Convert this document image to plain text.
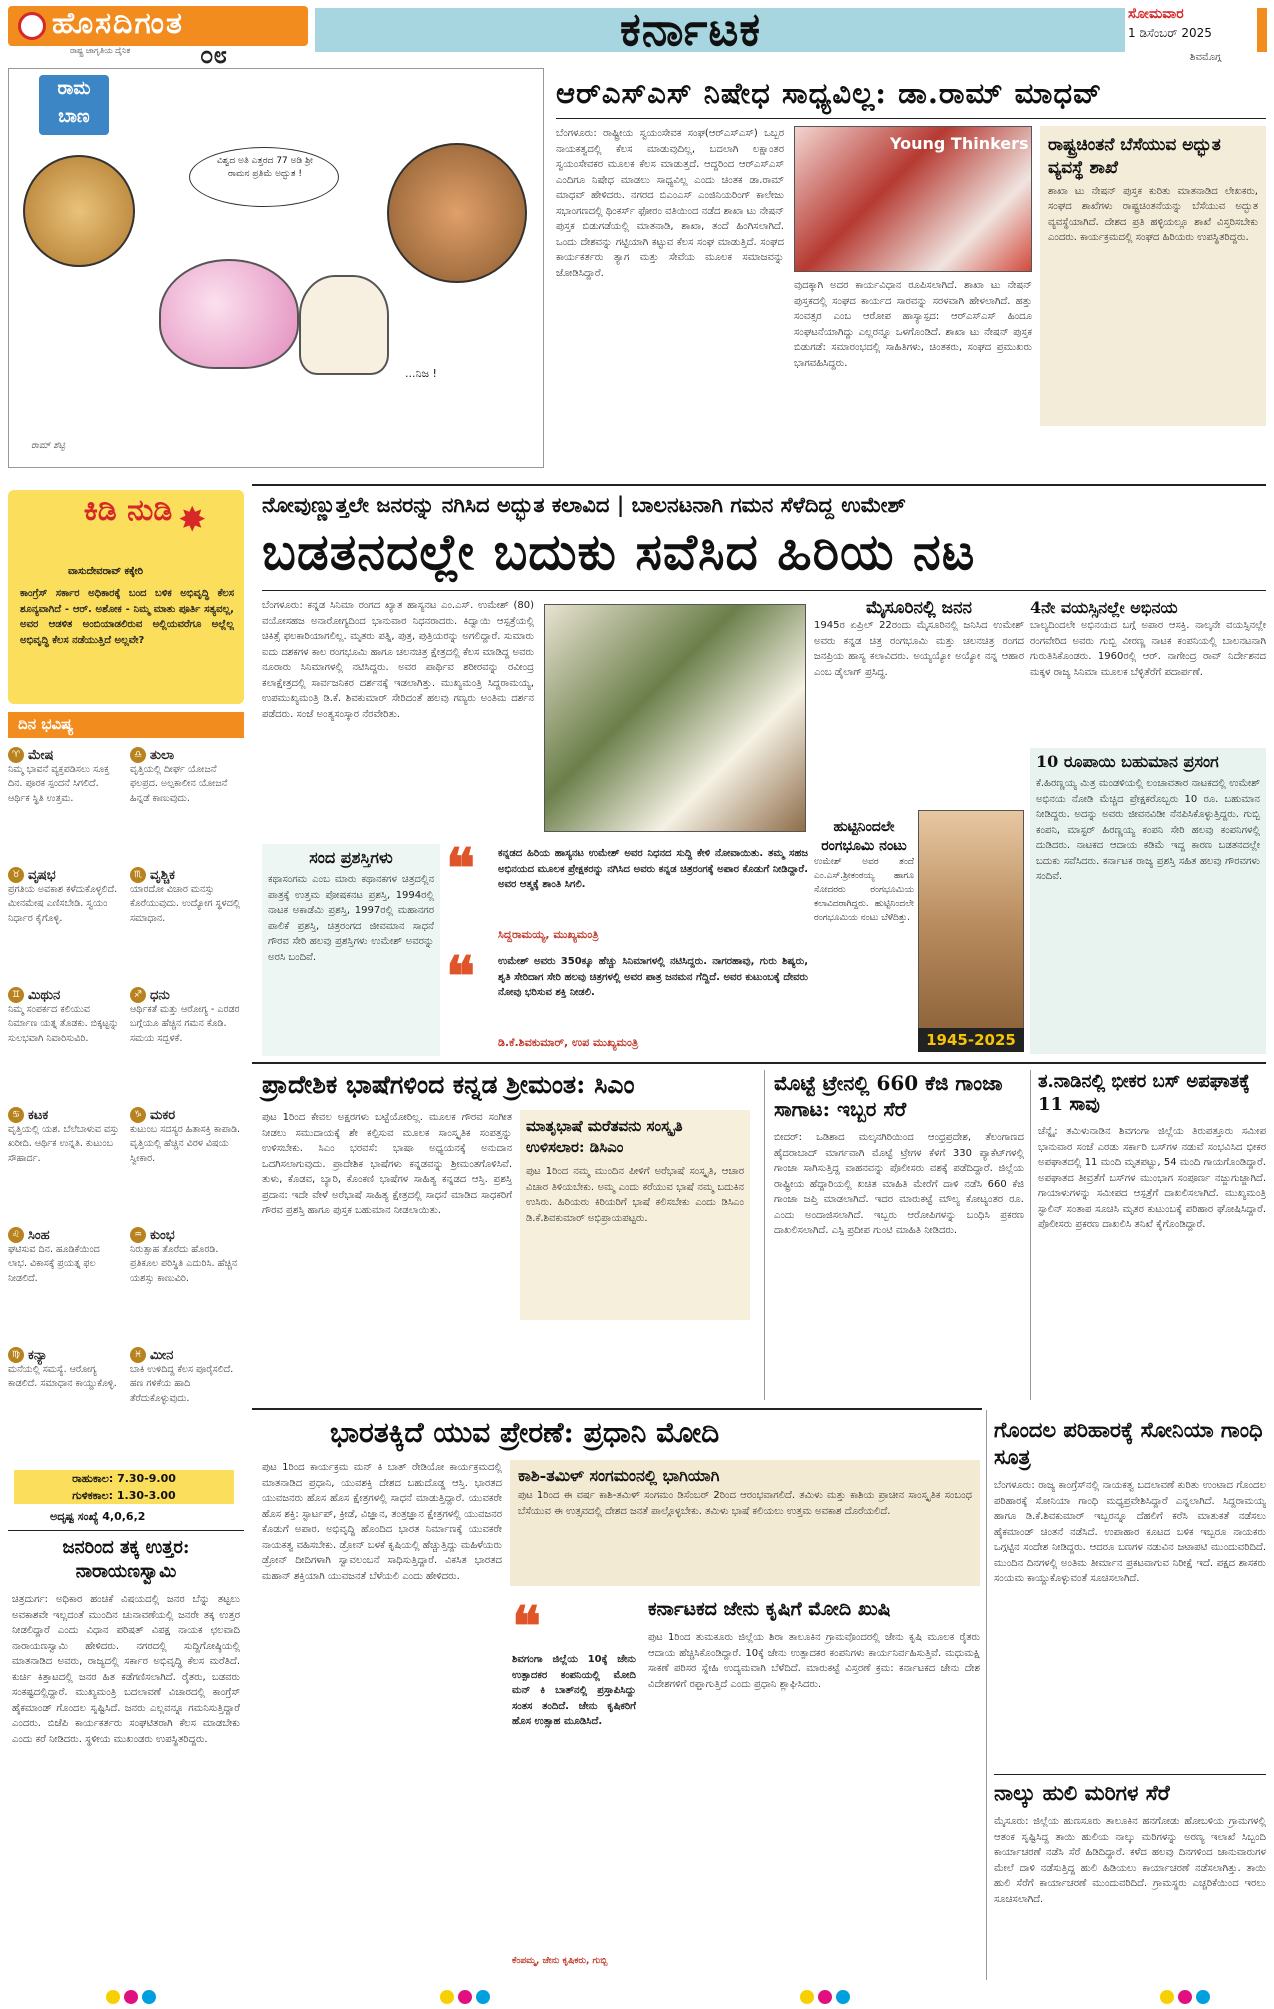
ಹೊಸದಿಗಂತ
ರಾಷ್ಟ್ರ ಜಾಗೃತಿಯ ದೈನಿಕ	೦೮	ಕರ್ನಾಟಕ	ಸೋಮವಾರ
1 ಡಿಸೆಂಬರ್ 2025
ಶಿವಮೊಗ್ಗ
ರಾಮ
ಬಾಣ
ವಿಶ್ವದ ಅತಿ ಎತ್ತರದ 77 ಅಡಿ ಶ್ರೀ ರಾಮನ ಪ್ರತಿಮೆ ಅದ್ಭುತ !
...ನಿಜ !
ರಾಮ್ ಶೆಟ್ಟಿ
ಆರ್‌ಎಸ್‌ಎಸ್ ನಿಷೇಧ ಸಾಧ್ಯವಿಲ್ಲ: ಡಾ.ರಾಮ್ ಮಾಧವ್
ಬೆಂಗಳೂರು: ರಾಷ್ಟ್ರೀಯ ಸ್ವಯಂಸೇವಕ ಸಂಘ(ಆರ್‌ಎಸ್‌ಎಸ್) ಒಬ್ಬರ ನಾಯಕತ್ವದಲ್ಲಿ ಕೆಲಸ ಮಾಡುವುದಿಲ್ಲ, ಬದಲಾಗಿ ಲಕ್ಷಾಂತರ ಸ್ವಯಂಸೇವಕರ ಮೂಲಕ ಕೆಲಸ ಮಾಡುತ್ತದೆ. ಆದ್ದರಿಂದ ಆರ್‌ಎಸ್‌ಎಸ್ ಎಂದಿಗೂ ನಿಷೇಧ ಮಾಡಲು ಸಾಧ್ಯವಿಲ್ಲ ಎಂದು ಚಿಂತಕ ಡಾ.ರಾಮ್ ಮಾಧವ್ ಹೇಳಿದರು. ನಗರದ ಬಿಎಂಎಸ್ ಎಂಜಿನಿಯರಿಂಗ್ ಕಾಲೇಜು ಸಭಾಂಗಣದಲ್ಲಿ ಥಿಂಕರ್ಸ್ ಫೋರಂ ವತಿಯಿಂದ ನಡೆದ ಶಾಖಾ ಟು ನೇಷನ್ ಪುಸ್ತಕ ಬಿಡುಗಡೆಯಲ್ಲಿ ಮಾತನಾಡಿ, ಶಾಖಾ, ತಂದೆ ಹಿಂಗಿಸಲಾಗಿದೆ. ಒಂದು ದೇಶವನ್ನು ಗಟ್ಟಿಯಾಗಿ ಕಟ್ಟುವ ಕೆಲಸ ಸಂಘ ಮಾಡುತ್ತಿದೆ. ಸಂಘದ ಕಾರ್ಯಕರ್ತರು ತ್ಯಾಗ ಮತ್ತು ಸೇವೆಯ ಮೂಲಕ ಸಮಾಜವನ್ನು ಜೋಡಿಸಿದ್ದಾರೆ.
Young Thinkers
ವುದಕ್ಕಾಗಿ ಅದರ ಕಾರ್ಯವಿಧಾನ ರೂಪಿಸಲಾಗಿದೆ. ಶಾಖಾ ಟು ನೇಷನ್ ಪುಸ್ತಕದಲ್ಲಿ ಸಂಘದ ಕಾರ್ಯದ ಸಾರವನ್ನು ಸರಳವಾಗಿ ಹೇಳಲಾಗಿದೆ. ಹತ್ತು ಸಂವತ್ಸರ ಎಂಬ ಆರೋಪ ಹಾಸ್ಯಾಸ್ಪದ: ಆರ್‌ಎಸ್‌ಎಸ್ ಹಿಂದೂ ಸಂಘಟನೆಯಾಗಿದ್ದು ಎಲ್ಲರನ್ನೂ ಒಳಗೊಂಡಿದೆ. ಶಾಖಾ ಟು ನೇಷನ್ ಪುಸ್ತಕ ಬಿಡುಗಡೆ: ಸಮಾರಂಭದಲ್ಲಿ ಸಾಹಿತಿಗಳು, ಚಿಂತಕರು, ಸಂಘದ ಪ್ರಮುಖರು ಭಾಗವಹಿಸಿದ್ದರು.
ರಾಷ್ಟ್ರಚಿಂತನೆ ಬೆಸೆಯುವ ಅದ್ಭುತ ವ್ಯವಸ್ಥೆ ಶಾಖೆ
ಶಾಖಾ ಟು ನೇಷನ್ ಪುಸ್ತಕ ಕುರಿತು ಮಾತನಾಡಿದ ಲೇಖಕರು, ಸಂಘದ ಶಾಖೆಗಳು ರಾಷ್ಟ್ರಚಿಂತನೆಯನ್ನು ಬೆಸೆಯುವ ಅದ್ಭುತ ವ್ಯವಸ್ಥೆಯಾಗಿದೆ. ದೇಶದ ಪ್ರತಿ ಹಳ್ಳಿಯಲ್ಲೂ ಶಾಖೆ ವಿಸ್ತರಿಸಬೇಕು ಎಂದರು. ಕಾರ್ಯಕ್ರಮದಲ್ಲಿ ಸಂಘದ ಹಿರಿಯರು ಉಪಸ್ಥಿತರಿದ್ದರು.
ಕಿಡಿ ನುಡಿ ✸
ವಾಸುದೇವರಾವ್ ಕಕ್ಕೇರಿ
ಕಾಂಗ್ರೆಸ್ ಸರ್ಕಾರ ಅಧಿಕಾರಕ್ಕೆ ಬಂದ ಬಳಿಕ ಅಭಿವೃದ್ಧಿ ಕೆಲಸ ಶೂನ್ಯವಾಗಿದೆ - ಆರ್. ಅಶೋಕ - ನಿಮ್ಮ ಮಾತು ಪೂರ್ತಿ ಸತ್ಯವಲ್ಲ, ಅವರ ಆಡಳಿತ ಅಂಬಿಯಾಡಲಿರುವ ಅಲ್ಲಿಯವರೆಗೂ ಅಲ್ಲೆಲ್ಲ ಅಭಿವೃದ್ಧಿ ಕೆಲಸ ನಡೆಯುತ್ತಿದೆ ಅಲ್ಲವೇ?
ದಿನ ಭವಿಷ್ಯ
♈ ಮೇಷ
ನಿಮ್ಮ ಭಾವನೆ ವ್ಯಕ್ತಪಡಿಸಲು ಸೂಕ್ತ ದಿನ. ಪೂರಕ ಸ್ಪಂದನೆ ಸಿಗಲಿದೆ. ಆರ್ಥಿಕ ಸ್ಥಿತಿ ಉತ್ತಮ.
♎ ತುಲಾ
ವೃತ್ತಿಯಲ್ಲಿ ದೀರ್ಘ ಯೋಜನೆ ಫಲಪ್ರದ. ಅಲ್ಪಕಾಲೀನ ಯೋಜನೆ ಹಿನ್ನಡೆ ಕಾಣುವುದು.
♉ ವೃಷಭ
ಪ್ರಗತಿಯ ಅವಕಾಶ ಕಳೆದುಕೊಳ್ಳಲಿದೆ. ಮೀನಮೇಷ ಎಣಿಸಬೇಡಿ. ಸ್ವಯಂ ನಿರ್ಧಾರ ಕೈಗೊಳ್ಳಿ.
♏ ವೃಶ್ಚಿಕ
ಯಾರದೋ ವಿಚಾರ ಮನಸ್ಸು ಕೊರೆಯುವುದು. ಉದ್ಯೋಗ ಸ್ಥಳದಲ್ಲಿ ಸಮಾಧಾನ.
♊ ಮಿಥುನ
ನಿಮ್ಮ ಸಂಪರ್ಕದ ಕಲಿಯುವ ನಿರ್ಮಾಣ ಯತ್ನ ತೊಡಕು. ಬಿಕ್ಕಟ್ಟನ್ನು ಸುಲಭವಾಗಿ ನಿವಾರಿಸುವಿರಿ.
♐ ಧನು
ಆರ್ಥಿಕತೆ ಮತ್ತು ಆರೋಗ್ಯ - ಎರಡರ ಬಗ್ಗೆಯೂ ಹೆಚ್ಚಿನ ಗಮನ ಕೊಡಿ. ಸಮಯ ಸದ್ಬಳಕೆ.
♋ ಕಟಕ
ವೃತ್ತಿಯಲ್ಲಿ ಯಶ. ಬೆಲೆಬಾಳುವ ವಸ್ತು ಖರೀದಿ. ಆರ್ಥಿಕ ಉನ್ನತಿ. ಕುಟುಂಬ ಸೌಹಾರ್ದ.
♑ ಮಕರ
ಕುಟುಂಬ ಸದಸ್ಯರ ಹಿತಾಸಕ್ತಿ ಕಾಪಾಡಿ. ವೃತ್ತಿಯಲ್ಲಿ ಹೆಚ್ಚಿನ ವಿರಳ ವಿಷಯ ಸ್ವೀಕಾರ.
♌ ಸಿಂಹ
ಘಟಿಸುವ ದಿನ. ಹೂಡಿಕೆಯಿಂದ ಲಾಭ. ವಿಕಾಸಕ್ಕೆ ಪ್ರಯತ್ನ ಫಲ ನೀಡಲಿದೆ.
♒ ಕುಂಭ
ನಿರುತ್ಸಾಹ ತೊರೆದು ಹೊರಡಿ. ಪ್ರತಿಕೂಲ ಪರಿಸ್ಥಿತಿ ಎದುರಿಸಿ. ಹೆಚ್ಚಿನ ಯಶಸ್ಸು ಕಾಣುವಿರಿ.
♍ ಕನ್ಯಾ
ಮನೆಯಲ್ಲಿ ಸಮಸ್ಯೆ. ಆರೋಗ್ಯ ಕಾಡಲಿದೆ. ಸಮಾಧಾನ ಕಾಯ್ದುಕೊಳ್ಳಿ.
♓ ಮೀನ
ಬಾಕಿ ಉಳಿದಿದ್ದ ಕೆಲಸ ಪೂರೈಸಲಿದೆ. ಹಣ ಗಳಿಕೆಯ ಹಾದಿ ತೆರೆದುಕೊಳ್ಳುವುದು.
ರಾಹುಕಾಲ: 7.30-9.00
ಗುಳಿಕಕಾಲ: 1.30-3.00
ಅದೃಷ್ಟ ಸಂಖ್ಯೆ 4,0,6,2
ಜನರಿಂದ ತಕ್ಕ ಉತ್ತರ: ನಾರಾಯಣಸ್ವಾಮಿ
ಚಿತ್ರದುರ್ಗ: ಅಧಿಕಾರ ಹಂಚಿಕೆ ವಿಷಯದಲ್ಲಿ ಜನರ ಬೆನ್ನು ತಟ್ಟಲು ಅವಕಾಶವೇ ಇಲ್ಲದಂತೆ ಮುಂದಿನ ಚುನಾವಣೆಯಲ್ಲಿ ಜನರೇ ತಕ್ಕ ಉತ್ತರ ನೀಡಲಿದ್ದಾರೆ ಎಂದು ವಿಧಾನ ಪರಿಷತ್ ವಿಪಕ್ಷ ನಾಯಕ ಛಲವಾದಿ ನಾರಾಯಣಸ್ವಾಮಿ ಹೇಳಿದರು. ನಗರದಲ್ಲಿ ಸುದ್ದಿಗೋಷ್ಠಿಯಲ್ಲಿ ಮಾತನಾಡಿದ ಅವರು, ರಾಜ್ಯದಲ್ಲಿ ಸರ್ಕಾರ ಅಭಿವೃದ್ಧಿ ಕೆಲಸ ಮರೆತಿದೆ. ಕುರ್ಚಿ ಕಿತ್ತಾಟದಲ್ಲಿ ಜನರ ಹಿತ ಕಡೆಗಣಿಸಲಾಗಿದೆ. ರೈತರು, ಬಡವರು ಸಂಕಷ್ಟದಲ್ಲಿದ್ದಾರೆ. ಮುಖ್ಯಮಂತ್ರಿ ಬದಲಾವಣೆ ವಿಚಾರದಲ್ಲಿ ಕಾಂಗ್ರೆಸ್ ಹೈಕಮಾಂಡ್ ಗೊಂದಲ ಸೃಷ್ಟಿಸಿದೆ. ಜನರು ಎಲ್ಲವನ್ನೂ ಗಮನಿಸುತ್ತಿದ್ದಾರೆ ಎಂದರು. ಬಿಜೆಪಿ ಕಾರ್ಯಕರ್ತರು ಸಂಘಟಿತರಾಗಿ ಕೆಲಸ ಮಾಡಬೇಕು ಎಂದು ಕರೆ ನೀಡಿದರು. ಸ್ಥಳೀಯ ಮುಖಂಡರು ಉಪಸ್ಥಿತರಿದ್ದರು.
ನೋವುಣ್ಣುತ್ತಲೇ ಜನರನ್ನು ನಗಿಸಿದ ಅದ್ಭುತ ಕಲಾವಿದ | ಬಾಲನಟನಾಗಿ ಗಮನ ಸೆಳೆದಿದ್ದ ಉಮೇಶ್
ಬಡತನದಲ್ಲೇ ಬದುಕು ಸವೆಸಿದ ಹಿರಿಯ ನಟ
ಬೆಂಗಳೂರು: ಕನ್ನಡ ಸಿನಿಮಾ ರಂಗದ ಖ್ಯಾತ ಹಾಸ್ಯನಟ ಎಂ.ಎಸ್. ಉಮೇಶ್ (80) ವಯೋಸಹಜ ಅನಾರೋಗ್ಯದಿಂದ ಭಾನುವಾರ ನಿಧನರಾದರು. ಕಿದ್ವಾಯಿ ಆಸ್ಪತ್ರೆಯಲ್ಲಿ ಚಿಕಿತ್ಸೆ ಫಲಕಾರಿಯಾಗಲಿಲ್ಲ. ಮೃತರು ಪತ್ನಿ, ಪುತ್ರ, ಪುತ್ರಿಯರನ್ನು ಅಗಲಿದ್ದಾರೆ. ಸುಮಾರು ಐದು ದಶಕಗಳ ಕಾಲ ರಂಗಭೂಮಿ ಹಾಗೂ ಚಲನಚಿತ್ರ ಕ್ಷೇತ್ರದಲ್ಲಿ ಕೆಲಸ ಮಾಡಿದ್ದ ಅವರು ನೂರಾರು ಸಿನಿಮಾಗಳಲ್ಲಿ ನಟಿಸಿದ್ದರು. ಅವರ ಪಾರ್ಥಿವ ಶರೀರವನ್ನು ರವೀಂದ್ರ ಕಲಾಕ್ಷೇತ್ರದಲ್ಲಿ ಸಾರ್ವಜನಿಕರ ದರ್ಶನಕ್ಕೆ ಇಡಲಾಗಿತ್ತು. ಮುಖ್ಯಮಂತ್ರಿ ಸಿದ್ದರಾಮಯ್ಯ, ಉಪಮುಖ್ಯಮಂತ್ರಿ ಡಿ.ಕೆ. ಶಿವಕುಮಾರ್ ಸೇರಿದಂತೆ ಹಲವು ಗಣ್ಯರು ಅಂತಿಮ ದರ್ಶನ ಪಡೆದರು. ಸಂಜೆ ಅಂತ್ಯಸಂಸ್ಕಾರ ನೆರವೇರಿತು.
ಮೈಸೂರಿನಲ್ಲಿ ಜನನ
1945ರ ಏಪ್ರಿಲ್ 22ರಂದು ಮೈಸೂರಿನಲ್ಲಿ ಜನಿಸಿದ ಉಮೇಶ್ ಅವರು ಕನ್ನಡ ಚಿತ್ರ ರಂಗಭೂಮಿ ಮತ್ತು ಚಲನಚಿತ್ರ ರಂಗದ ಜನಪ್ರಿಯ ಹಾಸ್ಯ ಕಲಾವಿದರು. ಅಯ್ಯಯ್ಯೋ ಅಯ್ಯೋ ನನ್ನ ಆಹಾರ ಎಂಬ ಡೈಲಾಗ್ ಪ್ರಸಿದ್ಧ.
4ನೇ ವಯಸ್ಸಿನಲ್ಲೇ ಅಭಿನಯ
ಬಾಲ್ಯದಿಂದಲೇ ಅಭಿನಯದ ಬಗ್ಗೆ ಅಪಾರ ಆಸಕ್ತಿ. ನಾಲ್ಕನೇ ವಯಸ್ಸಿನಲ್ಲೇ ರಂಗವೇರಿದ ಅವರು ಗುಬ್ಬಿ ವೀರಣ್ಣ ನಾಟಕ ಕಂಪನಿಯಲ್ಲಿ ಬಾಲನಟನಾಗಿ ಗುರುತಿಸಿಕೊಂಡರು. 1960ರಲ್ಲಿ ಆರ್. ನಾಗೇಂದ್ರ ರಾವ್ ನಿರ್ದೇಶನದ ಮಕ್ಕಳ ರಾಜ್ಯ ಸಿನಿಮಾ ಮೂಲಕ ಬೆಳ್ಳಿತೆರೆಗೆ ಪದಾರ್ಪಣೆ.
10 ರೂಪಾಯಿ ಬಹುಮಾನ ಪ್ರಸಂಗ
ಕೆ.ಹಿರಣ್ಣಯ್ಯ ಮಿತ್ರ ಮಂಡಳಿಯಲ್ಲಿ ಲಂಚಾವತಾರ ನಾಟಕದಲ್ಲಿ ಉಮೇಶ್ ಅಭಿನಯ ನೋಡಿ ಮೆಚ್ಚಿದ ಪ್ರೇಕ್ಷಕರೊಬ್ಬರು 10 ರೂ. ಬಹುಮಾನ ನೀಡಿದ್ದರು. ಅದನ್ನು ಅವರು ಜೀವನವಿಡೀ ನೆನಪಿಸಿಕೊಳ್ಳುತ್ತಿದ್ದರು. ಗುಬ್ಬಿ ಕಂಪನಿ, ಮಾಸ್ಟರ್ ಹಿರಣ್ಣಯ್ಯ ಕಂಪನಿ ಸೇರಿ ಹಲವು ಕಂಪನಿಗಳಲ್ಲಿ ದುಡಿದರು. ನಾಟಕದ ಆದಾಯ ಕಡಿಮೆ ಇದ್ದ ಕಾರಣ ಬಡತನದಲ್ಲೇ ಬದುಕು ಸವೆಸಿದರು. ಕರ್ನಾಟಕ ರಾಜ್ಯ ಪ್ರಶಸ್ತಿ ಸಹಿತ ಹಲವು ಗೌರವಗಳು ಸಂದಿವೆ.
ಸಂದ ಪ್ರಶಸ್ತಿಗಳು
ಕಥಾಸಂಗಮ ಎಂಬ ಮಾರು ಕಥಾನಕಗಳ ಚಿತ್ರದಲ್ಲಿನ ಪಾತ್ರಕ್ಕೆ ಉತ್ತಮ ಪೋಷಕನಟ ಪ್ರಶಸ್ತಿ, 1994ರಲ್ಲಿ ನಾಟಕ ಅಕಾಡೆಮಿ ಪ್ರಶಸ್ತಿ, 1997ರಲ್ಲಿ ಮಹಾನಗರ ಪಾಲಿಕೆ ಪ್ರಶಸ್ತಿ, ಚಿತ್ರರಂಗದ ಜೀವಮಾನ ಸಾಧನೆ ಗೌರವ ಸೇರಿ ಹಲವು ಪ್ರಶಸ್ತಿಗಳು ಉಮೇಶ್ ಅವರನ್ನು ಅರಸಿ ಬಂದಿವೆ.
❝ ಕನ್ನಡದ ಹಿರಿಯ ಹಾಸ್ಯನಟ ಉಮೇಶ್ ಅವರ ನಿಧನದ ಸುದ್ದಿ ಕೇಳಿ ನೋವಾಯಿತು. ತಮ್ಮ ಸಹಜ ಅಭಿನಯದ ಮೂಲಕ ಪ್ರೇಕ್ಷಕರನ್ನು ನಗಿಸಿದ ಅವರು ಕನ್ನಡ ಚಿತ್ರರಂಗಕ್ಕೆ ಅಪಾರ ಕೊಡುಗೆ ನೀಡಿದ್ದಾರೆ. ಅವರ ಆತ್ಮಕ್ಕೆ ಶಾಂತಿ ಸಿಗಲಿ.
ಸಿದ್ದರಾಮಯ್ಯ, ಮುಖ್ಯಮಂತ್ರಿ
❝ ಉಮೇಶ್ ಅವರು 350ಕ್ಕೂ ಹೆಚ್ಚು ಸಿನಿಮಾಗಳಲ್ಲಿ ನಟಿಸಿದ್ದರು. ನಾಗರಹಾವು, ಗುರು ಶಿಷ್ಯರು, ಶೃತಿ ಸೇರಿದಾಗ ಸೇರಿ ಹಲವು ಚಿತ್ರಗಳಲ್ಲಿ ಅವರ ಪಾತ್ರ ಜನಮನ ಗೆದ್ದಿದೆ. ಅವರ ಕುಟುಂಬಕ್ಕೆ ದೇವರು ನೋವು ಭರಿಸುವ ಶಕ್ತಿ ನೀಡಲಿ.
ಡಿ.ಕೆ.ಶಿವಕುಮಾರ್, ಉಪ ಮುಖ್ಯಮಂತ್ರಿ
ಹುಟ್ಟಿನಿಂದಲೇ ರಂಗಭೂಮಿ ನಂಟು
ಉಮೇಶ್ ಅವರ ತಂದೆ ಎಂ.ಎಸ್.ಶ್ರೀಕಂಠಯ್ಯ ಹಾಗೂ ಸೋದರರು ರಂಗಭೂಮಿಯ ಕಲಾವಿದರಾಗಿದ್ದರು. ಹುಟ್ಟಿನಿಂದಲೇ ರಂಗಭೂಮಿಯ ನಂಟು ಬೆಳೆದಿತ್ತು.
1945-2025
ಪ್ರಾದೇಶಿಕ ಭಾಷೆಗಳಿಂದ ಕನ್ನಡ ಶ್ರೀಮಂತ: ಸಿಎಂ
ಪುಟ 1ರಿಂದ ಕೇವಲ ಅಕ್ಷರಗಳು ಬಟ್ಟೆಯೋರಿಲ್ಲ. ಮೂಲಕ ಗೌರವ ಸಂಗೀತ ನೀಡಲು ಸಮುದಾಯಕ್ಕೆ ಶೇ ಕಲ್ಪಿಸುವ ಮೂಲಕ ಸಾಂಸ್ಕೃತಿಕ ಸಂಪತ್ತನ್ನು ಉಳಿಸಬೇಕು. ಸಿಎಂ ಭರವಸೆ: ಭಾಷಾ ಅಧ್ಯಯನಕ್ಕೆ ಅನುದಾನ ಒದಗಿಸಲಾಗುವುದು. ಪ್ರಾದೇಶಿಕ ಭಾಷೆಗಳು ಕನ್ನಡವನ್ನು ಶ್ರೀಮಂತಗೊಳಿಸಿವೆ. ತುಳು, ಕೊಡವ, ಬ್ಯಾರಿ, ಕೊಂಕಣಿ ಭಾಷೆಗಳ ಸಾಹಿತ್ಯ ಕನ್ನಡದ ಆಸ್ತಿ. ಪ್ರಶಸ್ತಿ ಪ್ರದಾನ: ಇದೇ ವೇಳೆ ಅರೆಭಾಷೆ ಸಾಹಿತ್ಯ ಕ್ಷೇತ್ರದಲ್ಲಿ ಸಾಧನೆ ಮಾಡಿದ ಸಾಧಕರಿಗೆ ಗೌರವ ಪ್ರಶಸ್ತಿ ಹಾಗೂ ಪುಸ್ತಕ ಬಹುಮಾನ ನೀಡಲಾಯಿತು.
ಮಾತೃಭಾಷೆ ಮರೆತವನು ಸಂಸ್ಕೃತಿ ಉಳಿಸಲಾರ: ಡಿಸಿಎಂ
ಪುಟ 1ರಿಂದ ನಮ್ಮ ಮುಂದಿನ ಪೀಳಿಗೆ ಅರೆಭಾಷೆ ಸಂಸ್ಕೃತಿ, ಆಚಾರ ವಿಚಾರ ತಿಳಿಯಬೇಕು. ಅಮ್ಮ ಎಂದು ಕರೆಯುವ ಭಾಷೆ ನಮ್ಮ ಬದುಕಿನ ಉಸಿರು. ಹಿರಿಯರು ಕಿರಿಯರಿಗೆ ಭಾಷೆ ಕಲಿಸಬೇಕು ಎಂದು ಡಿಸಿಎಂ ಡಿ.ಕೆ.ಶಿವಕುಮಾರ್ ಅಭಿಪ್ರಾಯಪಟ್ಟರು.
ಮೊಟ್ಟೆ ಟ್ರೇನಲ್ಲಿ 660 ಕೆಜಿ ಗಾಂಜಾ ಸಾಗಾಟ: ಇಬ್ಬರ ಸೆರೆ
ಬೀದರ್: ಒಡಿಶಾದ ಮಲ್ಕನಗಿರಿಯಿಂದ ಆಂಧ್ರಪ್ರದೇಶ, ತೆಲಂಗಾಣದ ಹೈದರಾಬಾದ್ ಮಾರ್ಗವಾಗಿ ಮೊಟ್ಟೆ ಟ್ರೇಗಳ ಕೆಳಗೆ 330 ಪ್ಯಾಕೆಟ್‌ಗಳಲ್ಲಿ ಗಾಂಜಾ ಸಾಗಿಸುತ್ತಿದ್ದ ವಾಹನವನ್ನು ಪೊಲೀಸರು ವಶಕ್ಕೆ ಪಡೆದಿದ್ದಾರೆ. ಜಿಲ್ಲೆಯ ರಾಷ್ಟ್ರೀಯ ಹೆದ್ದಾರಿಯಲ್ಲಿ ಖಚಿತ ಮಾಹಿತಿ ಮೇರೆಗೆ ದಾಳಿ ನಡೆಸಿ 660 ಕೆಜಿ ಗಾಂಜಾ ಜಪ್ತಿ ಮಾಡಲಾಗಿದೆ. ಇದರ ಮಾರುಕಟ್ಟೆ ಮೌಲ್ಯ ಕೋಟ್ಯಂತರ ರೂ. ಎಂದು ಅಂದಾಜಿಸಲಾಗಿದೆ. ಇಬ್ಬರು ಆರೋಪಿಗಳನ್ನು ಬಂಧಿಸಿ ಪ್ರಕರಣ ದಾಖಲಿಸಲಾಗಿದೆ. ಎಸ್ಪಿ ಪ್ರದೀಪ ಗುಂಟಿ ಮಾಹಿತಿ ನೀಡಿದರು.
ತ.ನಾಡಿನಲ್ಲಿ ಭೀಕರ ಬಸ್ ಅಪಘಾತಕ್ಕೆ 11 ಸಾವು
ಚೆನ್ನೈ: ತಮಿಳುನಾಡಿನ ಶಿವಗಂಗಾ ಜಿಲ್ಲೆಯ ತಿರುಪತ್ತೂರು ಸಮೀಪ ಭಾನುವಾರ ಸಂಜೆ ಎರಡು ಸರ್ಕಾರಿ ಬಸ್‌ಗಳ ನಡುವೆ ಸಂಭವಿಸಿದ ಭೀಕರ ಅಪಘಾತದಲ್ಲಿ 11 ಮಂದಿ ಮೃತಪಟ್ಟು, 54 ಮಂದಿ ಗಾಯಗೊಂಡಿದ್ದಾರೆ. ಅಪಘಾತದ ತೀವ್ರತೆಗೆ ಬಸ್‌ಗಳ ಮುಂಭಾಗ ಸಂಪೂರ್ಣ ನಜ್ಜುಗುಜ್ಜಾಗಿದೆ. ಗಾಯಾಳುಗಳನ್ನು ಸಮೀಪದ ಆಸ್ಪತ್ರೆಗೆ ದಾಖಲಿಸಲಾಗಿದೆ. ಮುಖ್ಯಮಂತ್ರಿ ಸ್ಟಾಲಿನ್ ಸಂತಾಪ ಸೂಚಿಸಿ ಮೃತರ ಕುಟುಂಬಕ್ಕೆ ಪರಿಹಾರ ಘೋಷಿಸಿದ್ದಾರೆ. ಪೊಲೀಸರು ಪ್ರಕರಣ ದಾಖಲಿಸಿ ತನಿಖೆ ಕೈಗೊಂಡಿದ್ದಾರೆ.
ಭಾರತಕ್ಕಿದೆ ಯುವ ಪ್ರೇರಣೆ: ಪ್ರಧಾನಿ ಮೋದಿ
ಪುಟ 1ರಿಂದ ಕಾರ್ಯಕ್ರಮ ಮನ್ ಕಿ ಬಾತ್ ರೇಡಿಯೋ ಕಾರ್ಯಕ್ರಮದಲ್ಲಿ ಮಾತನಾಡಿದ ಪ್ರಧಾನಿ, ಯುವಶಕ್ತಿ ದೇಶದ ಬಹುದೊಡ್ಡ ಆಸ್ತಿ. ಭಾರತದ ಯುವಜನರು ಹೊಸ ಹೊಸ ಕ್ಷೇತ್ರಗಳಲ್ಲಿ ಸಾಧನೆ ಮಾಡುತ್ತಿದ್ದಾರೆ. ಯುವಕರೇ ಹೊಸ ಶಕ್ತಿ: ಸ್ಟಾರ್ಟಪ್, ಕ್ರೀಡೆ, ವಿಜ್ಞಾನ, ತಂತ್ರಜ್ಞಾನ ಕ್ಷೇತ್ರಗಳಲ್ಲಿ ಯುವಜನರ ಕೊಡುಗೆ ಅಪಾರ. ಅಭಿವೃದ್ಧಿ ಹೊಂದಿದ ಭಾರತ ನಿರ್ಮಾಣಕ್ಕೆ ಯುವಕರೇ ನಾಯಕತ್ವ ವಹಿಸಬೇಕು. ಡ್ರೋನ್ ಬಳಕೆ ಕೃಷಿಯಲ್ಲಿ ಹೆಚ್ಚುತ್ತಿದ್ದು ಮಹಿಳೆಯರು ಡ್ರೋನ್ ದೀದಿಗಳಾಗಿ ಸ್ವಾವಲಂಬನೆ ಸಾಧಿಸುತ್ತಿದ್ದಾರೆ. ವಿಕಸಿತ ಭಾರತದ ಮಹಾನ್ ಶಕ್ತಿಯಾಗಿ ಯುವಜನತೆ ಬೆಳೆಯಲಿ ಎಂದು ಹೇಳಿದರು.
ಕಾಶಿ-ತಮಿಳ್ ಸಂಗಮಂನಲ್ಲಿ ಭಾಗಿಯಾಗಿ
ಪುಟ 1ರಿಂದ ಈ ವರ್ಷ ಕಾಶಿ-ತಮಿಳ್ ಸಂಗಮಂ ಡಿಸೆಂಬರ್ 2ರಿಂದ ಆರಂಭವಾಗಲಿದೆ. ತಮಿಳು ಮತ್ತು ಕಾಶಿಯ ಪ್ರಾಚೀನ ಸಾಂಸ್ಕೃತಿಕ ಸಂಬಂಧ ಬೆಸೆಯುವ ಈ ಉತ್ಸವದಲ್ಲಿ ದೇಶದ ಜನತೆ ಪಾಲ್ಗೊಳ್ಳಬೇಕು. ತಮಿಳು ಭಾಷೆ ಕಲಿಯಲು ಉತ್ತಮ ಅವಕಾಶ ದೊರೆಯಲಿದೆ.
❝
ಶಿವಗಂಗಾ ಜಿಲ್ಲೆಯ 10ಕ್ಕೆ ಜೇನು ಉತ್ಪಾದಕರ ಕಂಪನಿಯಲ್ಲಿ ಮೋದಿ ಮನ್ ಕಿ ಬಾತ್‌ನಲ್ಲಿ ಪ್ರಸ್ತಾಪಿಸಿದ್ದು ಸಂತಸ ತಂದಿದೆ. ಜೇನು ಕೃಷಿಕರಿಗೆ ಹೊಸ ಉತ್ಸಾಹ ಮೂಡಿಸಿದೆ.
ಕೆಂಪಮ್ಮ, ಜೇನು ಕೃಷಿಕರು, ಗುಬ್ಬಿ
ಕರ್ನಾಟಕದ ಜೇನು ಕೃಷಿಗೆ ಮೋದಿ ಖುಷಿ
ಪುಟ 1ರಿಂದ ತುಮಕೂರು ಜಿಲ್ಲೆಯ ಶಿರಾ ತಾಲೂಕಿನ ಗ್ರಾಮವೊಂದರಲ್ಲಿ ಜೇನು ಕೃಷಿ ಮೂಲಕ ರೈತರು ಆದಾಯ ಹೆಚ್ಚಿಸಿಕೊಂಡಿದ್ದಾರೆ. 10ಕ್ಕೆ ಜೇನು ಉತ್ಪಾದಕರ ಕಂಪನಿಗಳು ಕಾರ್ಯನಿರ್ವಹಿಸುತ್ತಿವೆ. ಮಧುಮಕ್ಷಿ ಸಾಕಣೆ ಪರಿಸರ ಸ್ನೇಹಿ ಉದ್ಯಮವಾಗಿ ಬೆಳೆದಿದೆ. ಮಾರುಕಟ್ಟೆ ವಿಸ್ತರಣೆ ಕ್ರಮ: ಕರ್ನಾಟಕದ ಜೇನು ದೇಶ ವಿದೇಶಗಳಿಗೆ ರಫ್ತಾಗುತ್ತಿದೆ ಎಂದು ಪ್ರಧಾನಿ ಶ್ಲಾಘಿಸಿದರು.
ಗೊಂದಲ ಪರಿಹಾರಕ್ಕೆ ಸೋನಿಯಾ ಗಾಂಧಿ ಸೂತ್ರ
ಬೆಂಗಳೂರು: ರಾಜ್ಯ ಕಾಂಗ್ರೆಸ್‌ನಲ್ಲಿ ನಾಯಕತ್ವ ಬದಲಾವಣೆ ಕುರಿತು ಉಂಟಾದ ಗೊಂದಲ ಪರಿಹಾರಕ್ಕೆ ಸೋನಿಯಾ ಗಾಂಧಿ ಮಧ್ಯಪ್ರವೇಶಿಸಿದ್ದಾರೆ ಎನ್ನಲಾಗಿದೆ. ಸಿದ್ದರಾಮಯ್ಯ ಹಾಗೂ ಡಿ.ಕೆ.ಶಿವಕುಮಾರ್ ಇಬ್ಬರನ್ನೂ ದೆಹಲಿಗೆ ಕರೆಸಿ ಮಾತುಕತೆ ನಡೆಸಲು ಹೈಕಮಾಂಡ್ ಚಿಂತನೆ ನಡೆಸಿದೆ. ಉಪಾಹಾರ ಕೂಟದ ಬಳಿಕ ಇಬ್ಬರೂ ನಾಯಕರು ಒಗ್ಗಟ್ಟಿನ ಸಂದೇಶ ನೀಡಿದ್ದರು. ಆದರೂ ಬಣಗಳ ನಡುವಿನ ಜಟಾಪಟಿ ಮುಂದುವರಿದಿದೆ. ಮುಂದಿನ ದಿನಗಳಲ್ಲಿ ಅಂತಿಮ ತೀರ್ಮಾನ ಪ್ರಕಟವಾಗುವ ನಿರೀಕ್ಷೆ ಇದೆ. ಪಕ್ಷದ ಶಾಸಕರು ಸಂಯಮ ಕಾಯ್ದುಕೊಳ್ಳುವಂತೆ ಸೂಚಿಸಲಾಗಿದೆ.
ನಾಲ್ಕು ಹುಲಿ ಮರಿಗಳ ಸೆರೆ
ಮೈಸೂರು: ಜಿಲ್ಲೆಯ ಹುಣಸೂರು ತಾಲೂಕಿನ ಹನಗೋಡು ಹೋಬಳಿಯ ಗ್ರಾಮಗಳಲ್ಲಿ ಆತಂಕ ಸೃಷ್ಟಿಸಿದ್ದ ತಾಯಿ ಹುಲಿಯ ನಾಲ್ಕು ಮರಿಗಳನ್ನು ಅರಣ್ಯ ಇಲಾಖೆ ಸಿಬ್ಬಂದಿ ಕಾರ್ಯಾಚರಣೆ ನಡೆಸಿ ಸೆರೆ ಹಿಡಿದಿದ್ದಾರೆ. ಕಳೆದ ಹಲವು ದಿನಗಳಿಂದ ಜಾನುವಾರುಗಳ ಮೇಲೆ ದಾಳಿ ನಡೆಸುತ್ತಿದ್ದ ಹುಲಿ ಹಿಡಿಯಲು ಕಾರ್ಯಾಚರಣೆ ನಡೆಸಲಾಗಿತ್ತು. ತಾಯಿ ಹುಲಿ ಸೆರೆಗೆ ಕಾರ್ಯಾಚರಣೆ ಮುಂದುವರಿದಿದೆ. ಗ್ರಾಮಸ್ಥರು ಎಚ್ಚರಿಕೆಯಿಂದ ಇರಲು ಸೂಚಿಸಲಾಗಿದೆ.
